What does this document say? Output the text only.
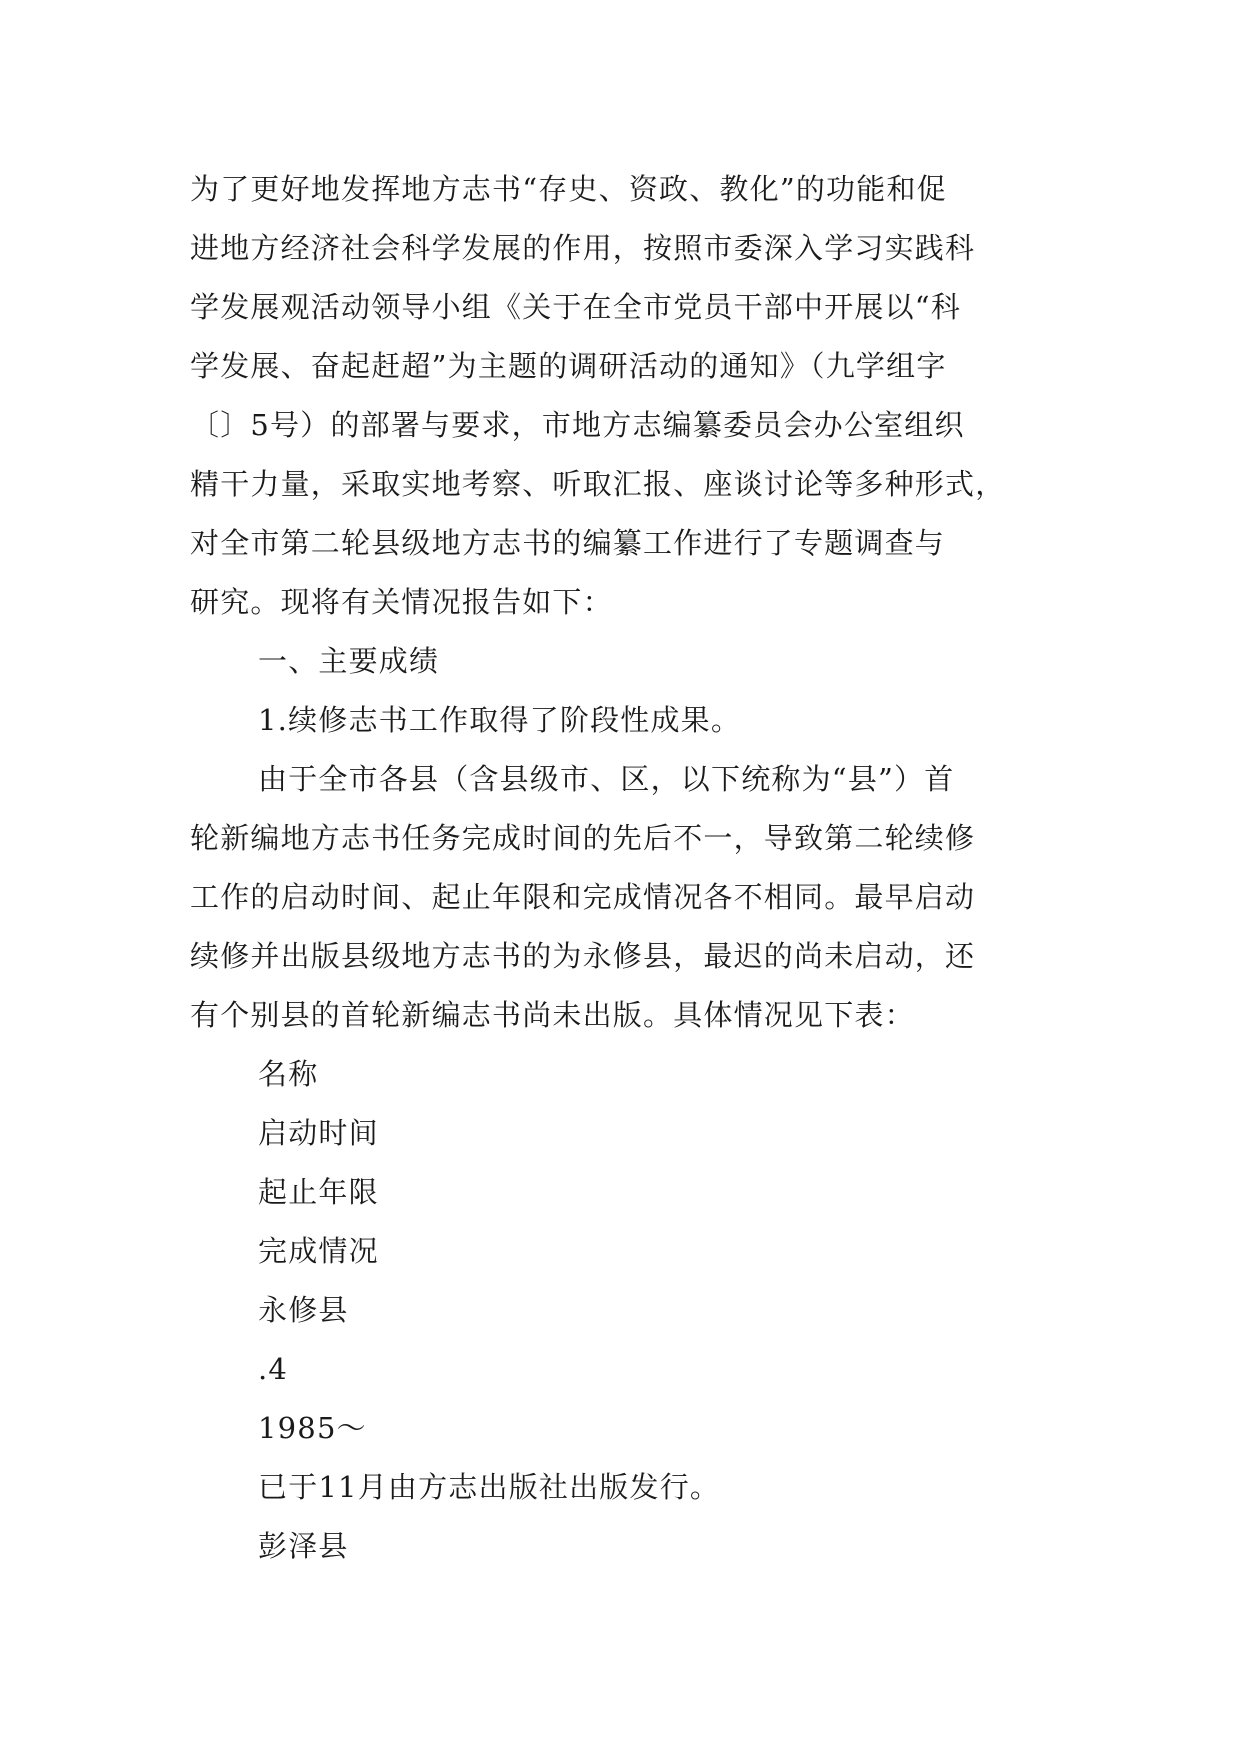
为了更好地发挥地方志书“存史、资政、教化”的功能和促
进地方经济社会科学发展的作用，按照市委深入学习实践科
学发展观活动领导小组《关于在全市党员干部中开展以“科
学发展、奋起赶超”为主题的调研活动的通知》（九学组字
〔〕5号）的部署与要求，市地方志编纂委员会办公室组织
精干力量，采取实地考察、听取汇报、座谈讨论等多种形式，
对全市第二轮县级地方志书的编纂工作进行了专题调查与
研究。现将有关情况报告如下：

一、主要成绩

1.续修志书工作取得了阶段性成果。

由于全市各县（含县级市、区，以下统称为“县”）首
轮新编地方志书任务完成时间的先后不一，导致第二轮续修
工作的启动时间、起止年限和完成情况各不相同。最早启动
续修并出版县级地方志书的为永修县，最迟的尚未启动，还
有个别县的首轮新编志书尚未出版。具体情况见下表：

名称

启动时间

起止年限

完成情况

永修县

.4

1985～

已于11月由方志出版社出版发行。

彭泽县
